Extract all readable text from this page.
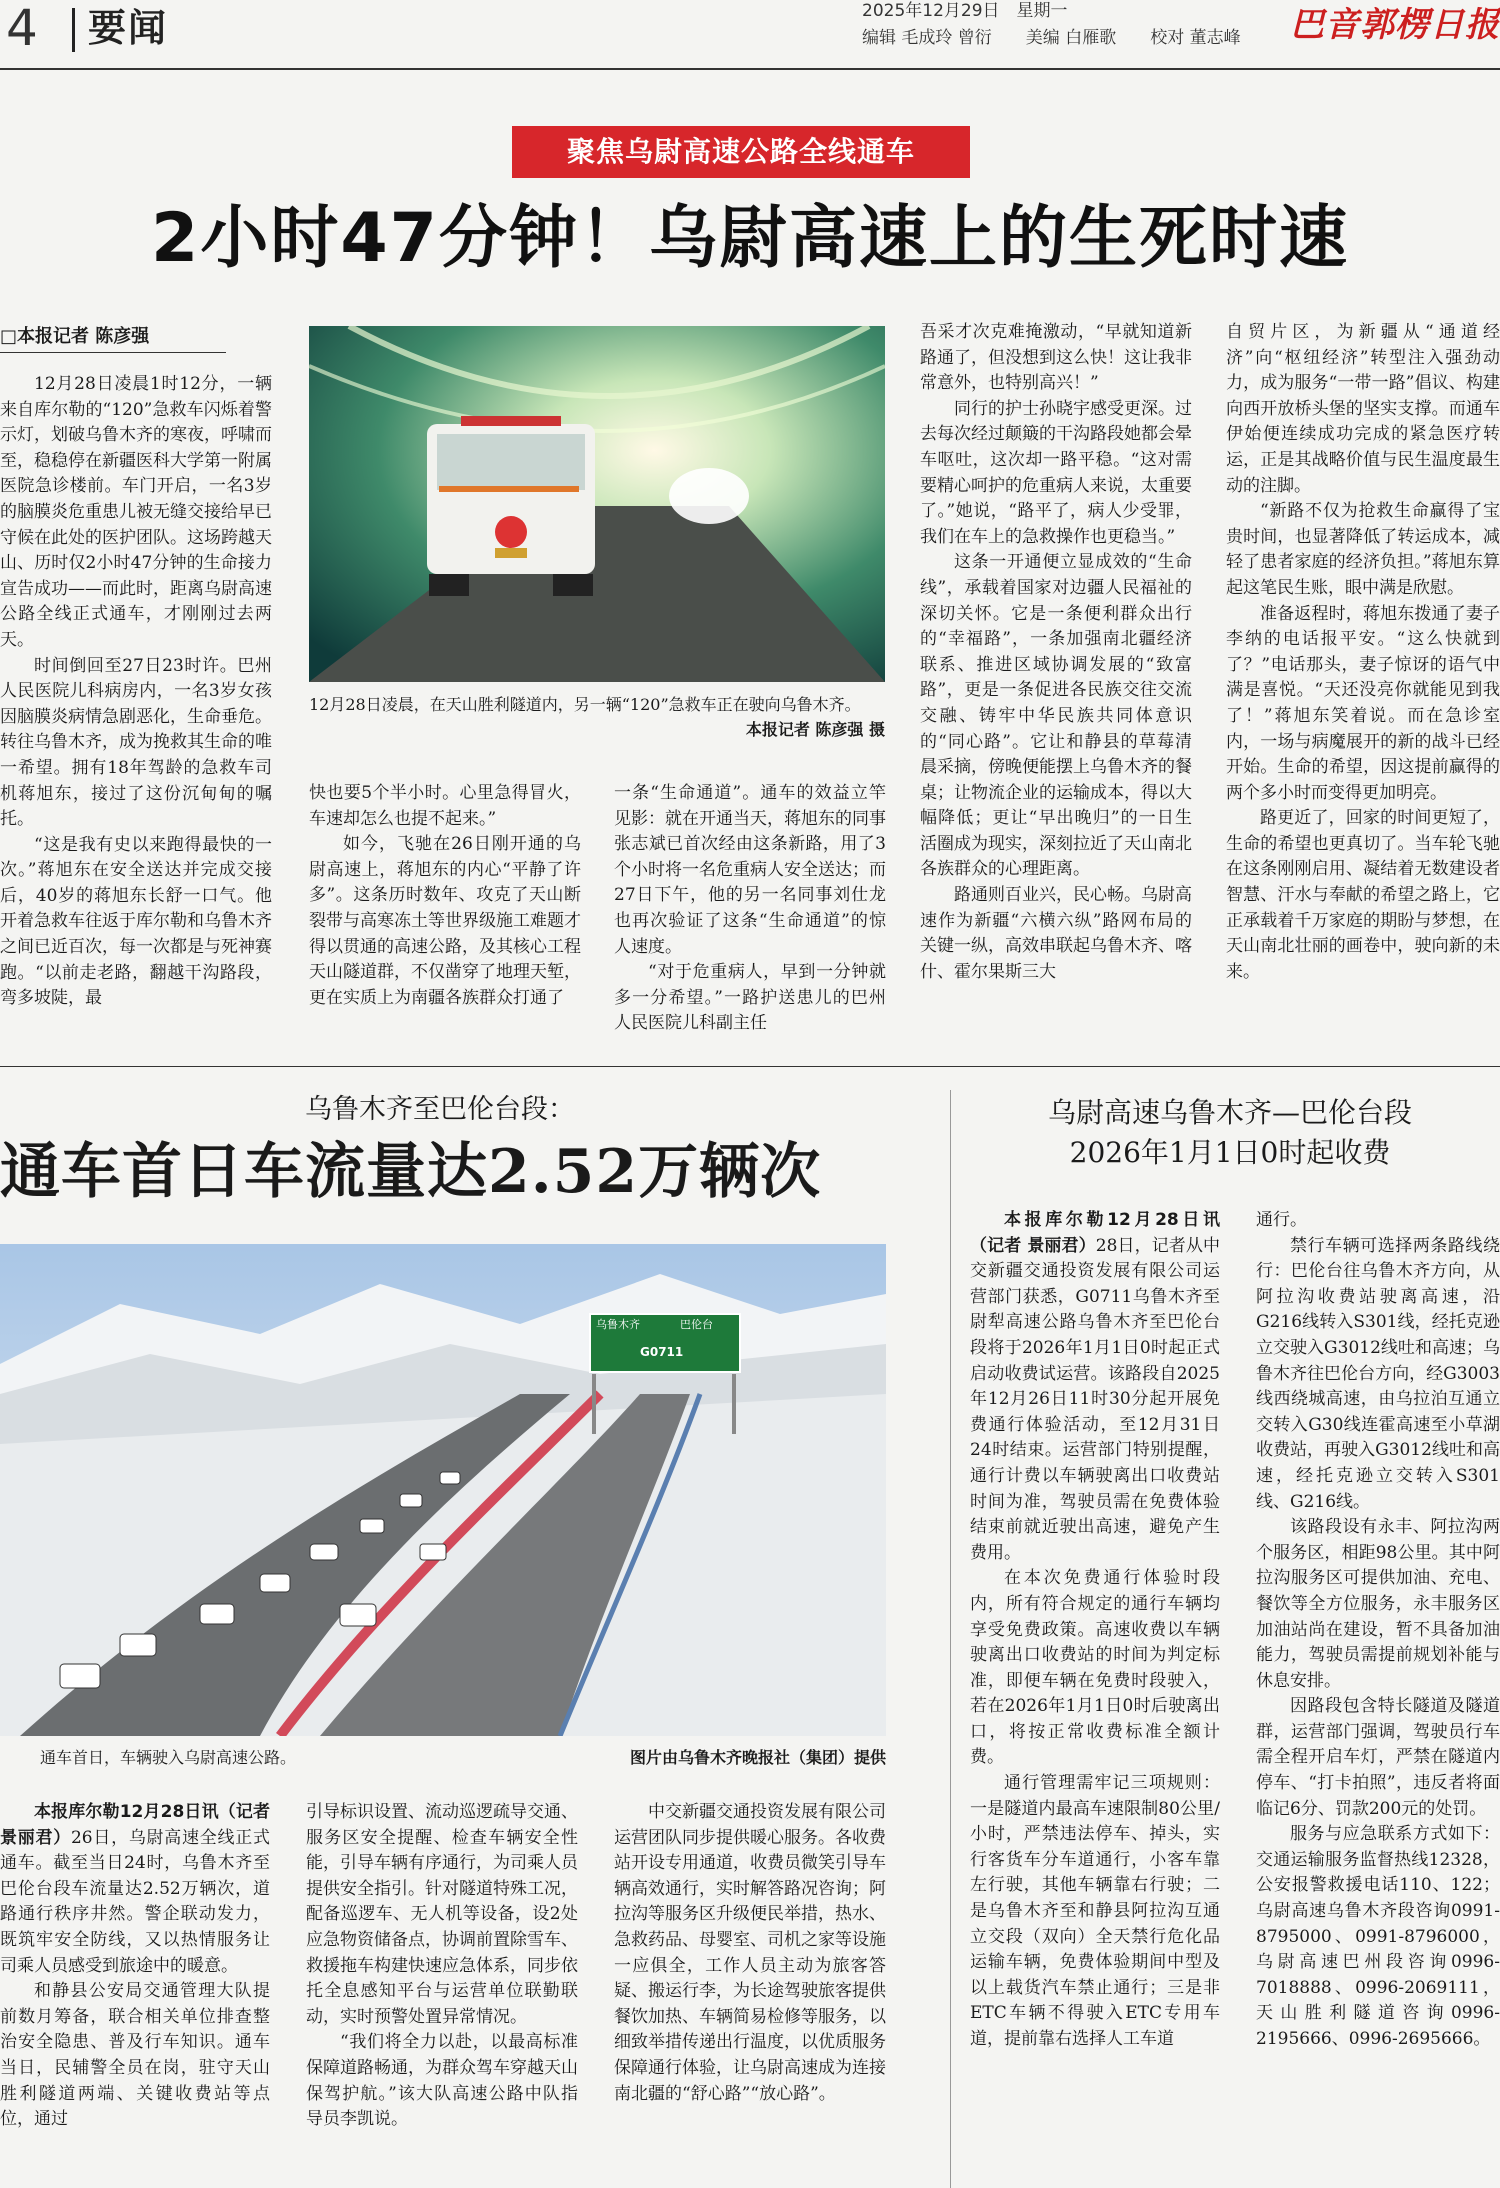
4 要闻	2025年12月29日　星期一
编辑 毛成玲 曾衍　　美编 白雁歌　　校对 董志峰 巴音郭楞日报
聚焦乌尉高速公路全线通车
2小时47分钟！乌尉高速上的生死时速
□本报记者 陈彦强

12月28日凌晨1时12分，一辆来自库尔勒的“120”急救车闪烁着警示灯，划破乌鲁木齐的寒夜，呼啸而至，稳稳停在新疆医科大学第一附属医院急诊楼前。车门开启，一名3岁的脑膜炎危重患儿被无缝交接给早已守候在此处的医护团队。这场跨越天山、历时仅2小时47分钟的生命接力宣告成功——而此时，距离乌尉高速公路全线正式通车，才刚刚过去两天。

时间倒回至27日23时许。巴州人民医院儿科病房内，一名3岁女孩因脑膜炎病情急剧恶化，生命垂危。转往乌鲁木齐，成为挽救其生命的唯一希望。拥有18年驾龄的急救车司机蒋旭东，接过了这份沉甸甸的嘱托。

“这是我有史以来跑得最快的一次。”蒋旭东在安全送达并完成交接后，40岁的蒋旭东长舒一口气。他开着急救车往返于库尔勒和乌鲁木齐之间已近百次，每一次都是与死神赛跑。“以前走老路，翻越干沟路段，弯多坡陡，最

12月28日凌晨，在天山胜利隧道内，另一辆“120”急救车正在驶向乌鲁木齐。
本报记者 陈彦强 摄

快也要5个半小时。心里急得冒火，车速却怎么也提不起来。”

如今，飞驰在26日刚开通的乌尉高速上，蒋旭东的内心“平静了许多”。这条历时数年、攻克了天山断裂带与高寒冻土等世界级施工难题才得以贯通的高速公路，及其核心工程天山隧道群，不仅凿穿了地理天堑，更在实质上为南疆各族群众打通了

一条“生命通道”。通车的效益立竿见影：就在开通当天，蒋旭东的同事张志斌已首次经由这条新路，用了3个小时将一名危重病人安全送达；而27日下午，他的另一名同事刘仕龙也再次验证了这条“生命通道”的惊人速度。

“对于危重病人，早到一分钟就多一分希望。”一路护送患儿的巴州人民医院儿科副主任

吾采才次克难掩激动，“早就知道新路通了，但没想到这么快！这让我非常意外，也特别高兴！”

同行的护士孙晓宇感受更深。过去每次经过颠簸的干沟路段她都会晕车呕吐，这次却一路平稳。“这对需要精心呵护的危重病人来说，太重要了。”她说，“路平了，病人少受罪，我们在车上的急救操作也更稳当。”

这条一开通便立显成效的“生命线”，承载着国家对边疆人民福祉的深切关怀。它是一条便利群众出行的“幸福路”，一条加强南北疆经济联系、推进区域协调发展的“致富路”，更是一条促进各民族交往交流交融、铸牢中华民族共同体意识的“同心路”。它让和静县的草莓清晨采摘，傍晚便能摆上乌鲁木齐的餐桌；让物流企业的运输成本，得以大幅降低；更让“早出晚归”的一日生活圈成为现实，深刻拉近了天山南北各族群众的心理距离。

路通则百业兴，民心畅。乌尉高速作为新疆“六横六纵”路网布局的关键一纵，高效串联起乌鲁木齐、喀什、霍尔果斯三大

自贸片区，为新疆从“通道经济”向“枢纽经济”转型注入强劲动力，成为服务“一带一路”倡议、构建向西开放桥头堡的坚实支撑。而通车伊始便连续成功完成的紧急医疗转运，正是其战略价值与民生温度最生动的注脚。

“新路不仅为抢救生命赢得了宝贵时间，也显著降低了转运成本，减轻了患者家庭的经济负担。”蒋旭东算起这笔民生账，眼中满是欣慰。

准备返程时，蒋旭东拨通了妻子李纳的电话报平安。“这么快就到了？”电话那头，妻子惊讶的语气中满是喜悦。“天还没亮你就能见到我了！”蒋旭东笑着说。而在急诊室内，一场与病魔展开的新的战斗已经开始。生命的希望，因这提前赢得的两个多小时而变得更加明亮。

路更近了，回家的时间更短了，生命的希望也更真切了。当车轮飞驰在这条刚刚启用、凝结着无数建设者智慧、汗水与奉献的希望之路上，它正承载着千万家庭的期盼与梦想，在天山南北壮丽的画卷中，驶向新的未来。

乌鲁木齐至巴伦台段：
通车首日车流量达2.52万辆次
乌鲁木齐	巴伦台
G0711
通车首日，车辆驶入乌尉高速公路。	图片由乌鲁木齐晚报社（集团）提供

本报库尔勒12月28日讯（记者 景丽君）26日，乌尉高速全线正式通车。截至当日24时，乌鲁木齐至巴伦台段车流量达2.52万辆次，道路通行秩序井然。警企联动发力，既筑牢安全防线，又以热情服务让司乘人员感受到旅途中的暖意。

和静县公安局交通管理大队提前数月筹备，联合相关单位排查整治安全隐患、普及行车知识。通车当日，民辅警全员在岗，驻守天山胜利隧道两端、关键收费站等点位，通过

引导标识设置、流动巡逻疏导交通、服务区安全提醒、检查车辆安全性能，引导车辆有序通行，为司乘人员提供安全指引。针对隧道特殊工况，配备巡逻车、无人机等设备，设2处应急物资储备点，协调前置除雪车、救援拖车构建快速应急体系，同步依托全息感知平台与运营单位联勤联动，实时预警处置异常情况。

“我们将全力以赴，以最高标准保障道路畅通，为群众驾车穿越天山保驾护航。”该大队高速公路中队指导员李凯说。

中交新疆交通投资发展有限公司运营团队同步提供暖心服务。各收费站开设专用通道，收费员微笑引导车辆高效通行，实时解答路况咨询；阿拉沟等服务区升级便民举措，热水、急救药品、母婴室、司机之家等设施一应俱全，工作人员主动为旅客答疑、搬运行李，为长途驾驶旅客提供餐饮加热、车辆简易检修等服务，以细致举措传递出行温度，以优质服务保障通行体验，让乌尉高速成为连接南北疆的“舒心路”“放心路”。

乌尉高速乌鲁木齐—巴伦台段
2026年1月1日0时起收费

本报库尔勒12月28日讯（记者 景丽君）28日，记者从中交新疆交通投资发展有限公司运营部门获悉，G0711乌鲁木齐至尉犁高速公路乌鲁木齐至巴伦台段将于2026年1月1日0时起正式启动收费试运营。该路段自2025年12月26日11时30分起开展免费通行体验活动，至12月31日24时结束。运营部门特别提醒，通行计费以车辆驶离出口收费站时间为准，驾驶员需在免费体验结束前就近驶出高速，避免产生费用。

在本次免费通行体验时段内，所有符合规定的通行车辆均享受免费政策。高速收费以车辆驶离出口收费站的时间为判定标准，即便车辆在免费时段驶入，若在2026年1月1日0时后驶离出口，将按正常收费标准全额计费。

通行管理需牢记三项规则：一是隧道内最高车速限制80公里/小时，严禁违法停车、掉头，实行客货车分车道通行，小客车靠左行驶，其他车辆靠右行驶；二是乌鲁木齐至和静县阿拉沟互通立交段（双向）全天禁行危化品运输车辆，免费体验期间中型及以上载货汽车禁止通行；三是非ETC车辆不得驶入ETC专用车道，提前靠右选择人工车道

通行。

禁行车辆可选择两条路线绕行：巴伦台往乌鲁木齐方向，从阿拉沟收费站驶离高速，沿G216线转入S301线，经托克逊立交驶入G3012线吐和高速；乌鲁木齐往巴伦台方向，经G3003线西绕城高速，由乌拉泊互通立交转入G30线连霍高速至小草湖收费站，再驶入G3012线吐和高速，经托克逊立交转入S301线、G216线。

该路段设有永丰、阿拉沟两个服务区，相距98公里。其中阿拉沟服务区可提供加油、充电、餐饮等全方位服务，永丰服务区加油站尚在建设，暂不具备加油能力，驾驶员需提前规划补能与休息安排。

因路段包含特长隧道及隧道群，运营部门强调，驾驶员行车需全程开启车灯，严禁在隧道内停车、“打卡拍照”，违反者将面临记6分、罚款200元的处罚。

服务与应急联系方式如下：交通运输服务监督热线12328，公安报警救援电话110、122；乌尉高速乌鲁木齐段咨询0991-8795000、0991-8796000，乌尉高速巴州段咨询0996-7018888、0996-2069111，天山胜利隧道咨询0996-2195666、0996-2695666。
